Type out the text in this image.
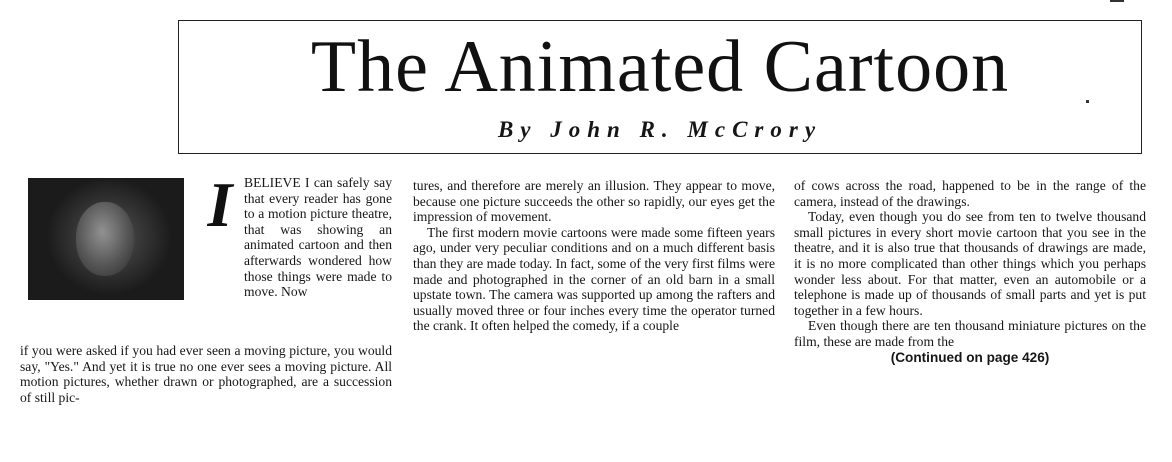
The Animated Cartoon
By John R. McCrory
I BELIEVE I can safely say that every reader has gone to a motion picture theatre, that was showing an animated cartoon and then afterwards wondered how those things were made to move. Now

if you were asked if you had ever seen a moving picture, you would say, "Yes." And yet it is true no one ever sees a moving picture. All motion pictures, whether drawn or photographed, are a succession of still pic-

tures, and therefore are merely an illusion. They appear to move, because one picture succeeds the other so rapidly, our eyes get the impression of movement.

The first modern movie cartoons were made some fifteen years ago, under very peculiar conditions and on a much different basis than they are made today. In fact, some of the very first films were made and photographed in the corner of an old barn in a small upstate town. The camera was supported up among the rafters and usually moved three or four inches every time the operator turned the crank. It often helped the comedy, if a couple

of cows across the road, happened to be in the range of the camera, instead of the drawings.

Today, even though you do see from ten to twelve thousand small pictures in every short movie cartoon that you see in the theatre, and it is also true that thousands of drawings are made, it is no more complicated than other things which you perhaps wonder less about. For that matter, even an automobile or a telephone is made up of thousands of small parts and yet is put together in a few hours.

Even though there are ten thousand miniature pictures on the film, these are made from the

(Continued on page 426)
